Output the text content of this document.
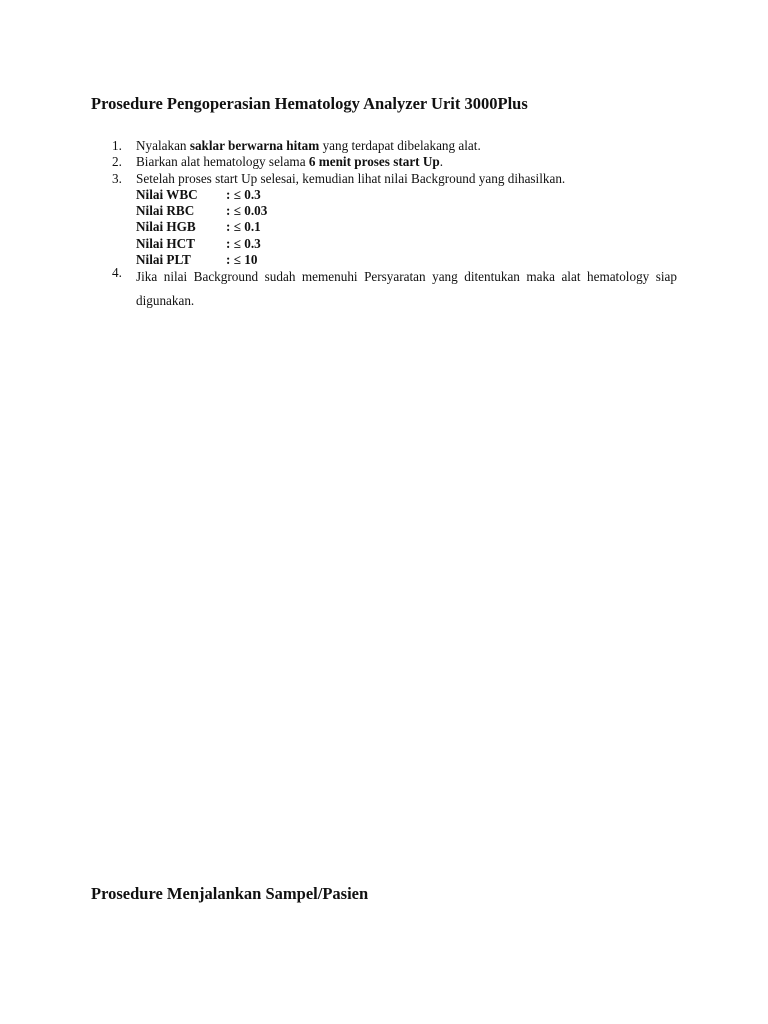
Prosedure Pengoperasian Hematology Analyzer Urit 3000Plus
1. Nyalakan saklar berwarna hitam yang terdapat dibelakang alat.
2. Biarkan alat hematology selama 6 menit proses start Up.
3. Setelah proses start Up selesai, kemudian lihat nilai Background yang dihasilkan.
Nilai WBC : ≤ 0.3
Nilai RBC : ≤ 0.03
Nilai HGB : ≤ 0.1
Nilai HCT : ≤ 0.3
Nilai PLT	: ≤ 10
4. Jika nilai Background sudah memenuhi Persyaratan yang ditentukan maka alat hematology siap digunakan.
Prosedure Menjalankan Sampel/Pasien
